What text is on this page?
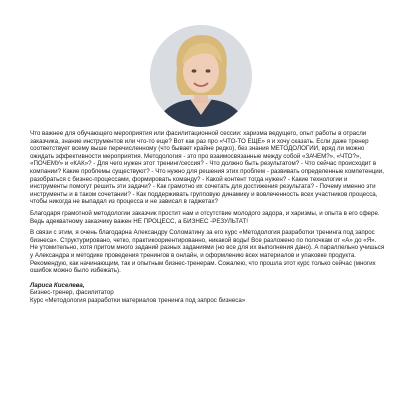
Что важнее для обучающего мероприятия или фасилитационной сессии: харизма ведущего, опыт работы в отрасли заказчика, знание инструментов или что-то еще? Вот как раз про «ЧТО-ТО ЕЩЕ» я и хочу сказать. Если даже тренер соответствует всему выше перечисленному (что бывает крайне редко), без знания МЕТОДОЛОГИИ, вряд ли можно ожидать эффективности мероприятия. Методология - это про взаимосвязанные между собой «ЗАЧЕМ?», «ЧТО?», «ПОЧЕМУ» и «КАК»? - Для чего нужен этот тренинг/сессия? - Что должно быть результатом? - Что сейчас происходит в компании? Какие проблемы существуют? - Что нужно для решения этих проблем - развивать определенные компетенции, разобраться с бизнес-процессами, формировать команду? - Какой контент тогда нужен? - Какие технологии и инструменты помогут решить эти задачи? - Как грамотно их сочетать для достижения результата? - Почему именно эти инструменты и в таком сочетании? - Как поддерживать групповую динамику и вовлеченность всех участников процесса, чтобы никогда не выпадал из процесса и не зависал в гаджетах?

Благодаря грамотной методологии заказчик простит нам и отсутствие молодого задора, и харизмы, и опыта в его сфере. Ведь адекватному заказчику важен НЕ ПРОЦЕСС, а БИЗНЕС -РЕЗУЛЬТАТ!

В связи с этим, я очень благодарна Александру Соломатину за его курс «Методология разработки тренинга под запрос бизнеса». Структурировано, четко, практикоориентированно, никакой воды! Все разложено по полочкам от «А» до «Я». Не утомительно, хотя притом много заданий разных заданиями (но все для их выполнения дано). А параллельно учишься у Александра и методике проведения тренингов в онлайн, и оформлению всех материалов и упаковке продукта. Рекомендую, как начинающим, так и опытным бизнес-тренерам. Сожалею, что прошла этот курс только сейчас (многих ошибок можно было избежать).

Лариса Киселева,
Бизнес-тренер, фасилитатор
Курс «Методология разработки материалов тренинга под запрос бизнеса»
